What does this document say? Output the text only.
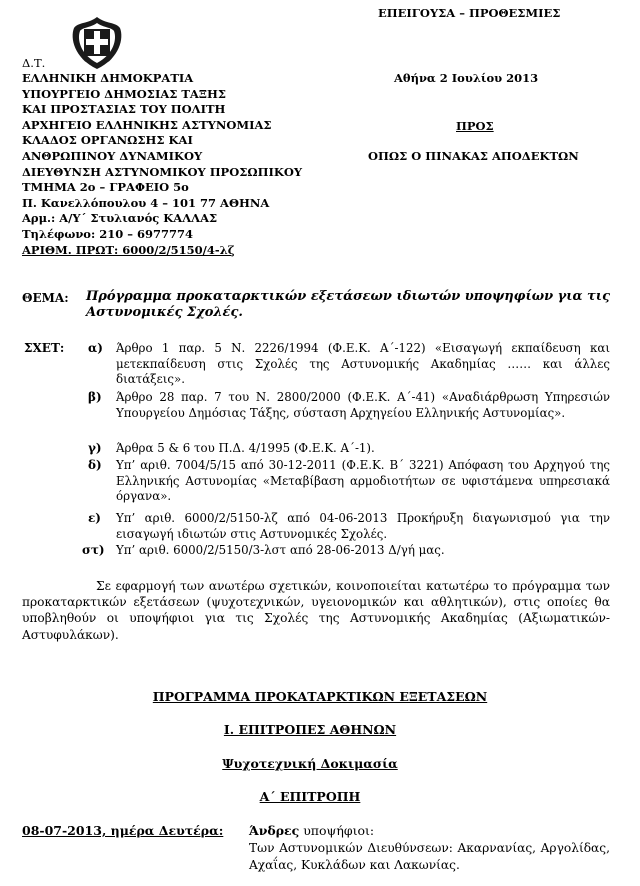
ΕΠΕΙΓΟΥΣΑ – ΠΡΟΘΕΣΜΙΕΣ
Δ.Τ.
ΕΛΛΗΝΙΚΗ ΔΗΜΟΚΡΑΤΙΑ
ΥΠΟΥΡΓΕΙΟ ΔΗΜΟΣΙΑΣ ΤΑΞΗΣ
ΚΑΙ ΠΡΟΣΤΑΣΙΑΣ ΤΟΥ ΠΟΛΙΤΗ
ΑΡΧΗΓΕΙΟ ΕΛΛΗΝΙΚΗΣ ΑΣΤΥΝΟΜΙΑΣ
ΚΛΑΔΟΣ ΟΡΓΑΝΩΣΗΣ ΚΑΙ
ΑΝΘΡΩΠΙΝΟΥ ΔΥΝΑΜΙΚΟΥ
ΔΙΕΥΘΥΝΣΗ ΑΣΤΥΝΟΜΙΚΟΥ ΠΡΟΣΩΠΙΚΟΥ
ΤΜΗΜΑ 2ο – ΓΡΑΦΕΙΟ 5ο
Π. Κανελλόπουλου 4 – 101 77 ΑΘΗΝΑ
Αρμ.: Α/Υ΄ Στυλιανός ΚΑΛΛΑΣ
Τηλέφωνο: 210 – 6977774
ΑΡΙΘΜ. ΠΡΩΤ: 6000/2/5150/4-λζ
Αθήνα 2 Ιουλίου 2013
ΠΡΟΣ
ΟΠΩΣ Ο ΠΙΝΑΚΑΣ ΑΠΟΔΕΚΤΩΝ
ΘΕΜΑ: Πρόγραμμα προκαταρκτικών εξετάσεων ιδιωτών υποψηφίων για τις Αστυνομικές Σχολές.
ΣΧΕΤ: α) Άρθρο 1 παρ. 5 Ν. 2226/1994 (Φ.Ε.Κ. Α΄-122) «Εισαγωγή εκπαίδευση και μετεκπαίδευση στις Σχολές της Αστυνομικής Ακαδημίας …… και άλλες διατάξεις».
β) Άρθρο 28 παρ. 7 του Ν. 2800/2000 (Φ.Ε.Κ. Α΄-41) «Αναδιάρθρωση Υπηρεσιών Υπουργείου Δημόσιας Τάξης, σύσταση Αρχηγείου Ελληνικής Αστυνομίας».
γ) Άρθρα 5 & 6 του Π.Δ. 4/1995 (Φ.Ε.Κ. Α΄-1).
δ) Υπ’ αριθ. 7004/5/15 από 30-12-2011 (Φ.Ε.Κ. Β΄ 3221) Απόφαση του Αρχηγού της Ελληνικής Αστυνομίας «Μεταβίβαση αρμοδιοτήτων σε υφιστάμενα υπηρεσιακά όργανα».
ε) Υπ’ αριθ. 6000/2/5150-λζ από 04-06-2013 Προκήρυξη διαγωνισμού για την εισαγωγή ιδιωτών στις Αστυνομικές Σχολές.
στ) Υπ’ αριθ. 6000/2/5150/3-λστ από 28-06-2013 Δ/γή μας.
Σε εφαρμογή των ανωτέρω σχετικών, κοινοποιείται κατωτέρω το πρόγραμμα των προκαταρκτικών εξετάσεων (ψυχοτεχνικών, υγειονομικών και αθλητικών), στις οποίες θα υποβληθούν οι υποψήφιοι για τις Σχολές της Αστυνομικής Ακαδημίας (Αξιωματικών- Αστυφυλάκων).
ΠΡΟΓΡΑΜΜΑ ΠΡΟΚΑΤΑΡΚΤΙΚΩΝ ΕΞΕΤΑΣΕΩΝ
Ι. ΕΠΙΤΡΟΠΕΣ ΑΘΗΝΩΝ
Ψυχοτεχνική Δοκιμασία
Α΄ ΕΠΙΤΡΟΠΗ
08-07-2013, ημέρα Δευτέρα: Άνδρες υποψήφιοι:
Των Αστυνομικών Διευθύνσεων: Ακαρνανίας, Αργολίδας, Αχαΐας, Κυκλάδων και Λακωνίας.
